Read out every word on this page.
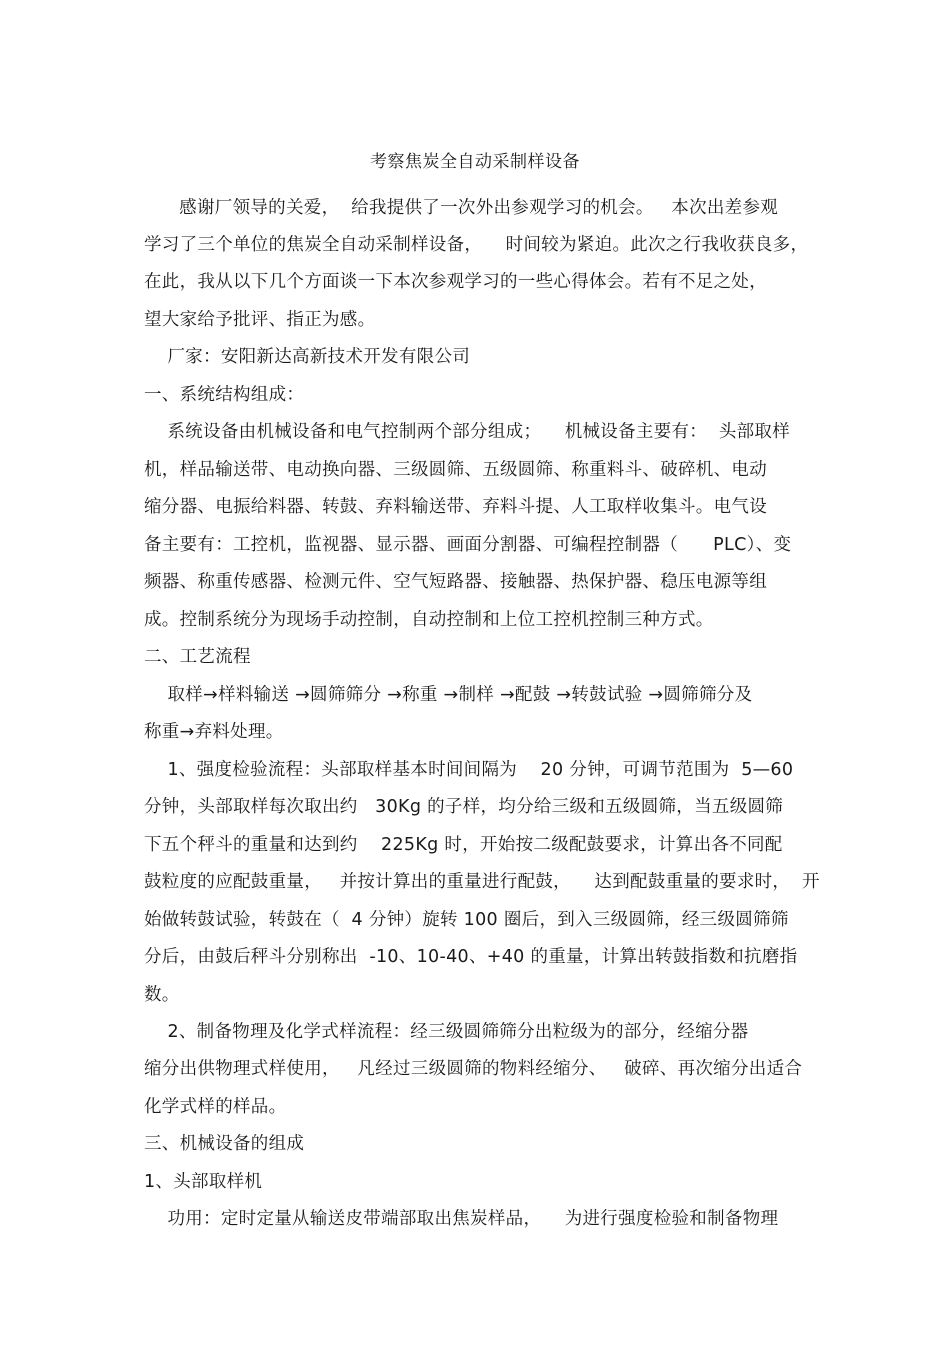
考察焦炭全自动采制样设备
感谢厂领导的关爱，  给我提供了一次外出参观学习的机会。   本次出差参观
学习了三个单位的焦炭全自动采制样设备，    时间较为紧迫。此次之行我收获良多，
在此，我从以下几个方面谈一下本次参观学习的一些心得体会。若有不足之处，
望大家给予批评、指正为感。
厂家：安阳新达高新技术开发有限公司
一、系统结构组成：
系统设备由机械设备和电气控制两个部分组成；    机械设备主要有：  头部取样
机，样品输送带、电动换向器、三级圆筛、五级圆筛、称重料斗、破碎机、电动
缩分器、电振给料器、转鼓、弃料输送带、弃料斗提、人工取样收集斗。电气设
备主要有：工控机，监视器、显示器、画面分割器、可编程控制器（      PLC）、变
频器、称重传感器、检测元件、空气短路器、接触器、热保护器、稳压电源等组
成。控制系统分为现场手动控制，自动控制和上位工控机控制三种方式。
二、工艺流程
取样→样料输送 →圆筛筛分 →称重 →制样 →配鼓 →转鼓试验 →圆筛筛分及
称重→弃料处理。
1、强度检验流程：头部取样基本时间间隔为    20 分钟，可调节范围为  5—60
分钟，头部取样每次取出约   30Kg 的子样，均分给三级和五级圆筛，当五级圆筛
下五个秤斗的重量和达到约    225Kg 时，开始按二级配鼓要求，计算出各不同配
鼓粒度的应配鼓重量，   并按计算出的重量进行配鼓，    达到配鼓重量的要求时，  开
始做转鼓试验，转鼓在（  4 分钟）旋转 100 圈后，到入三级圆筛，经三级圆筛筛
分后，由鼓后秤斗分别称出  -10、10-40、+40 的重量，计算出转鼓指数和抗磨指
数。
2、制备物理及化学式样流程：经三级圆筛筛分出粒级为的部分，经缩分器
缩分出供物理式样使用，   凡经过三级圆筛的物料经缩分、   破碎、再次缩分出适合
化学式样的样品。
三、机械设备的组成
1、头部取样机
功用：定时定量从输送皮带端部取出焦炭样品，    为进行强度检验和制备物理
